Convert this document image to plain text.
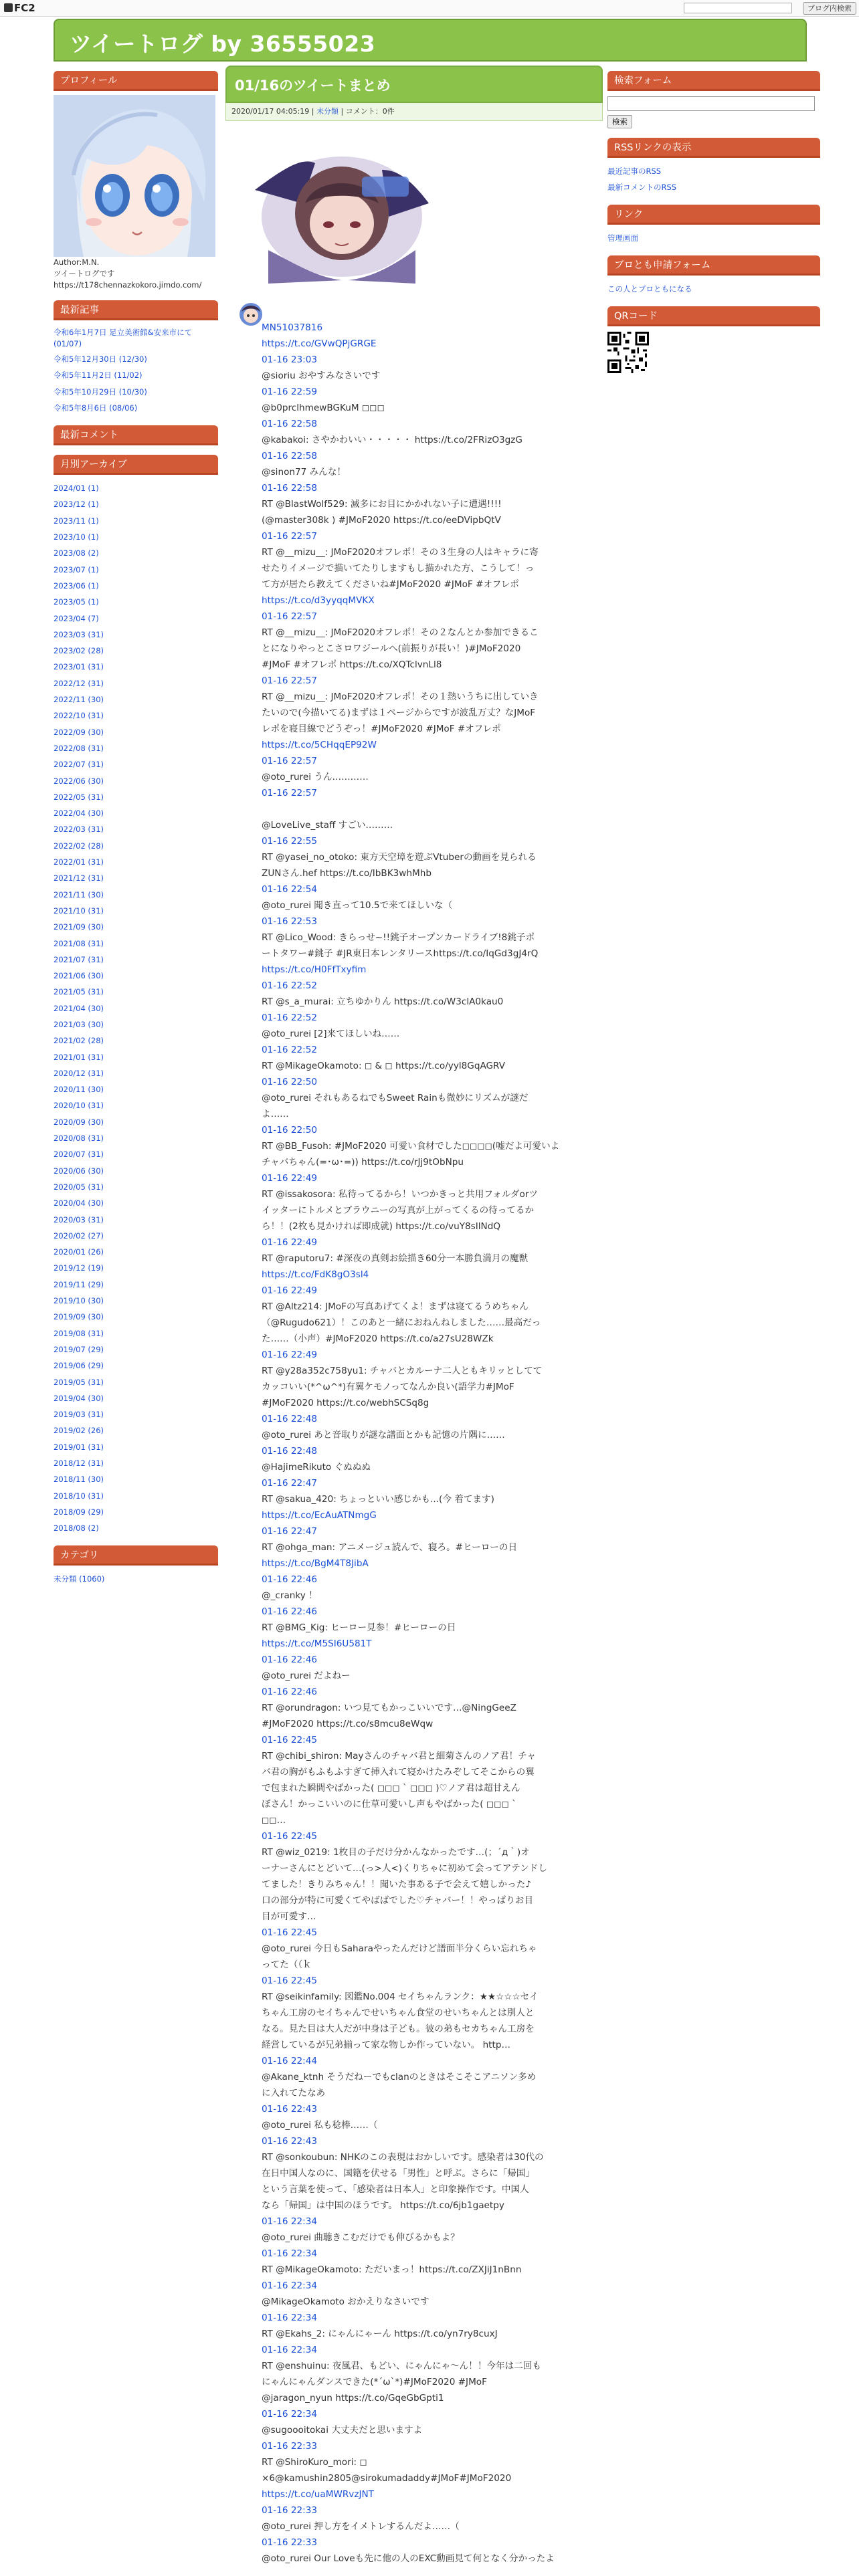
FC2	ブログ内検索
ツイートログ by 36555023
プロフィール
Author:M.N.
ツイートログです
https://t178chennazkokoro.jimdo.com/
最新記事
令和6年1月7日 足立美術館&安来市にて (01/07)
令和5年12月30日 (12/30)
令和5年11月2日 (11/02)
令和5年10月29日 (10/30)
令和5年8月6日 (08/06)
最新コメント
月別アーカイブ
2024/01 (1)
2023/12 (1)
2023/11 (1)
2023/10 (1)
2023/08 (2)
2023/07 (1)
2023/06 (1)
2023/05 (1)
2023/04 (7)
2023/03 (31)
2023/02 (28)
2023/01 (31)
2022/12 (31)
2022/11 (30)
2022/10 (31)
2022/09 (30)
2022/08 (31)
2022/07 (31)
2022/06 (30)
2022/05 (31)
2022/04 (30)
2022/03 (31)
2022/02 (28)
2022/01 (31)
2021/12 (31)
2021/11 (30)
2021/10 (31)
2021/09 (30)
2021/08 (31)
2021/07 (31)
2021/06 (30)
2021/05 (31)
2021/04 (30)
2021/03 (30)
2021/02 (28)
2021/01 (31)
2020/12 (31)
2020/11 (30)
2020/10 (31)
2020/09 (30)
2020/08 (31)
2020/07 (31)
2020/06 (30)
2020/05 (31)
2020/04 (30)
2020/03 (31)
2020/02 (27)
2020/01 (26)
2019/12 (19)
2019/11 (29)
2019/10 (30)
2019/09 (30)
2019/08 (31)
2019/07 (29)
2019/06 (29)
2019/05 (31)
2019/04 (30)
2019/03 (31)
2019/02 (26)
2019/01 (31)
2018/12 (31)
2018/11 (30)
2018/10 (31)
2018/09 (29)
2018/08 (2)
カテゴリ
未分類 (1060)
01/16のツイートまとめ
2020/01/17 04:05:19 | 未分類 | コメント：0件
MN51037816
https://t.co/GVwQPjGRGE
01-16 23:03
@sioriu おやすみなさいです
01-16 22:59
@b0prclhmewBGKuM ◻◻◻
01-16 22:58
@kabakoi: さやかわいい・・・・・ https://t.co/2FRizO3gzG
01-16 22:58
@sinon77 みんな！
01-16 22:58
RT @BlastWolf529: 滅多にお目にかかれない子に遭遇!!!!
(@master308k ) #JMoF2020 https://t.co/eeDVipbQtV
01-16 22:57
RT @__mizu__: JMoF2020オフレポ！その３生身の人はキャラに寄
せたりイメージで描いてたりしますもし描かれた方、こうして！っ
て方が居たら教えてくださいね#JMoF2020 #JMoF #オフレポ
https://t.co/d3yyqqMVKX
01-16 22:57
RT @__mizu__: JMoF2020オフレポ！その２なんとか参加できるこ
とになりやっとこさロワジールへ(前振りが長い！)#JMoF2020
#JMoF #オフレポ https://t.co/XQTclvnLl8
01-16 22:57
RT @__mizu__: JMoF2020オフレポ！その１熱いうちに出していき
たいので(今描いてる)まずは１ページからですが波乱万丈？なJMoF
レポを寝目線でどうぞっ！#JMoF2020 #JMoF #オフレポ
https://t.co/5CHqqEP92W
01-16 22:57
@oto_rurei うん…………
01-16 22:57

@LoveLive_staff すごい………
01-16 22:55
RT @yasei_no_otoko: 東方天空璋を遊ぶVtuberの動画を見られる
ZUNさん.hef https://t.co/IbBK3whMhb
01-16 22:54
@oto_rurei 聞き直って10.5で来てほしいな（
01-16 22:53
RT @Lico_Wood: きらっせ~!!銚子オープンカードライブ!8銚子ポ
ートタワー#銚子 #JR東日本レンタリースhttps://t.co/IqGd3gJ4rQ
https://t.co/H0FfTxyfim
01-16 22:52
RT @s_a_murai: 立ちゆかりん https://t.co/W3clA0kau0
01-16 22:52
@oto_rurei [2]来てほしいね……
01-16 22:52
RT @MikageOkamoto: ◻ & ◻ https://t.co/yyl8GqAGRV
01-16 22:50
@oto_rurei それもあるねでもSweet Rainも微妙にリズムが謎だ
よ……
01-16 22:50
RT @BB_Fusoh: #JMoF2020 可愛い食材でした◻◻◻◻(嘘だよ可愛いよ
チャバちゃん(=･ω･=)) https://t.co/rJj9tObNpu
01-16 22:49
RT @issakosora: 私待ってるから！いつかきっと共用フォルダorツ
イッターにトルメとブラウニーの写真が上がってくるの待ってるか
ら！！(2枚も見かければ即成就) https://t.co/vuY8sIlNdQ
01-16 22:49
RT @raputoru7: #深夜の真剣お絵描き60分一本勝負満月の魔獣
https://t.co/FdK8gO3sl4
01-16 22:49
RT @Altz214: JMoFの写真あげてくよ！まずは寝てるうめちゃん
（@Rugudo621）！このあと一緒におねんねしました……最高だっ
た……（小声）#JMoF2020 https://t.co/a27sU28WZk
01-16 22:49
RT @y28a352c758yu1: チャバとカルーナ二人ともキリッとしてて
カッコいい(*^ω^*)有翼ケモノってなんか良い(語学力#JMoF
#JMoF2020 https://t.co/webhSCSq8g
01-16 22:48
@oto_rurei あと音取りが謎な譜面とかも記憶の片隅に……
01-16 22:48
@HajimeRikuto ぐぬぬぬ
01-16 22:47
RT @sakua_420: ちょっといい感じかも...(今 着てます)
https://t.co/EcAuATNmgG
01-16 22:47
RT @ohga_man: アニメージュ読んで、寝ろ。#ヒーローの日
https://t.co/BgM4T8JibA
01-16 22:46
@_cranky ！
01-16 22:46
RT @BMG_Kig: ヒーロー見参！#ヒーローの日
https://t.co/M5SI6U581T
01-16 22:46
@oto_rurei だよねー
01-16 22:46
RT @orundragon: いつ見てもかっこいいです…@NingGeeZ
#JMoF2020 https://t.co/s8mcu8eWqw
01-16 22:45
RT @chibi_shiron: Mayさんのチャバ君と細菊さんのノア君！チャ
バ君の胸がもふもふすぎて挿入れて寝かけたみぞしてそこからの翼
で包まれた瞬間やばかった( ◻◻◻ ` ◻◻◻ )♡ノア君は超甘えん
ぼさん！かっこいいのに仕草可愛いし声もやばかった( ◻◻◻ `
◻◻…
01-16 22:45
RT @wiz_0219: 1枚目の子だけ分かんなかったです…(；´д｀)オ
ーナーさんにとどいて…(っ>人<)くりちゃに初めて会ってアテンドし
てました！きりみちゃん！！聞いた事ある子で会えて嬉しかった♪
口の部分が特に可愛くてやばばでした♡チャバー！！やっぱりお目
目が可愛す…
01-16 22:45
@oto_rurei 今日もSaharaやったんだけど譜面半分くらい忘れちゃ
ってた（（ｋ
01-16 22:45
RT @seikinfamily: 図鑑No.004 セイちゃんランク：★★☆☆☆セイ
ちゃん工房のセイちゃんでせいちゃん食堂のせいちゃんとは別人と
なる。見た目は大人だが中身は子ども。彼の弟もセカちゃん工房を
経営しているが兄弟揃って家な物しか作っていない。 http…
01-16 22:44
@Akane_ktnh そうだねーでもclanのときはそこそこアニソン多め
に入れてたなあ
01-16 22:43
@oto_rurei 私も稔棒……（
01-16 22:43
RT @sonkoubun: NHKのこの表現はおかしいです。感染者は30代の
在日中国人なのに、国籍を伏せる「男性」と呼ぶ。さらに「帰国」
という言葉を使って、「感染者は日本人」と印象操作です。中国人
なら「帰国」は中国のほうです。 https://t.co/6jb1gaetpy
01-16 22:34
@oto_rurei 曲聴きこむだけでも伸びるかもよ？
01-16 22:34
RT @MikageOkamoto: ただいまっ！https://t.co/ZXJiJ1nBnn
01-16 22:34
@MikageOkamoto おかえりなさいです
01-16 22:34
RT @Ekahs_2: にゃんにゃーん https://t.co/yn7ry8cuxJ
01-16 22:34
RT @enshuinu: 夜風君、もどい、にゃんにゃ〜ん！！今年は二回も
にゃんにゃんダンスできた(*´ω`*)#JMoF2020 #JMoF
@jaragon_nyun https://t.co/GqeGbGpti1
01-16 22:34
@sugoooitokai 大丈夫だと思いますよ
01-16 22:33
RT @ShiroKuro_mori: ◻
×6@kamushin2805@sirokumadaddy#JMoF#JMoF2020
https://t.co/uaMWRvzJNT
01-16 22:33
@oto_rurei 押し方をイメトレするんだよ……（
01-16 22:33
@oto_rurei Our Loveも先に他の人のEXC動画見て何となく分かったよ
検索フォーム
検索
RSSリンクの表示
最近記事のRSS
最新コメントのRSS
リンク
管理画面
ブロとも申請フォーム
この人とブロともになる
QRコード
